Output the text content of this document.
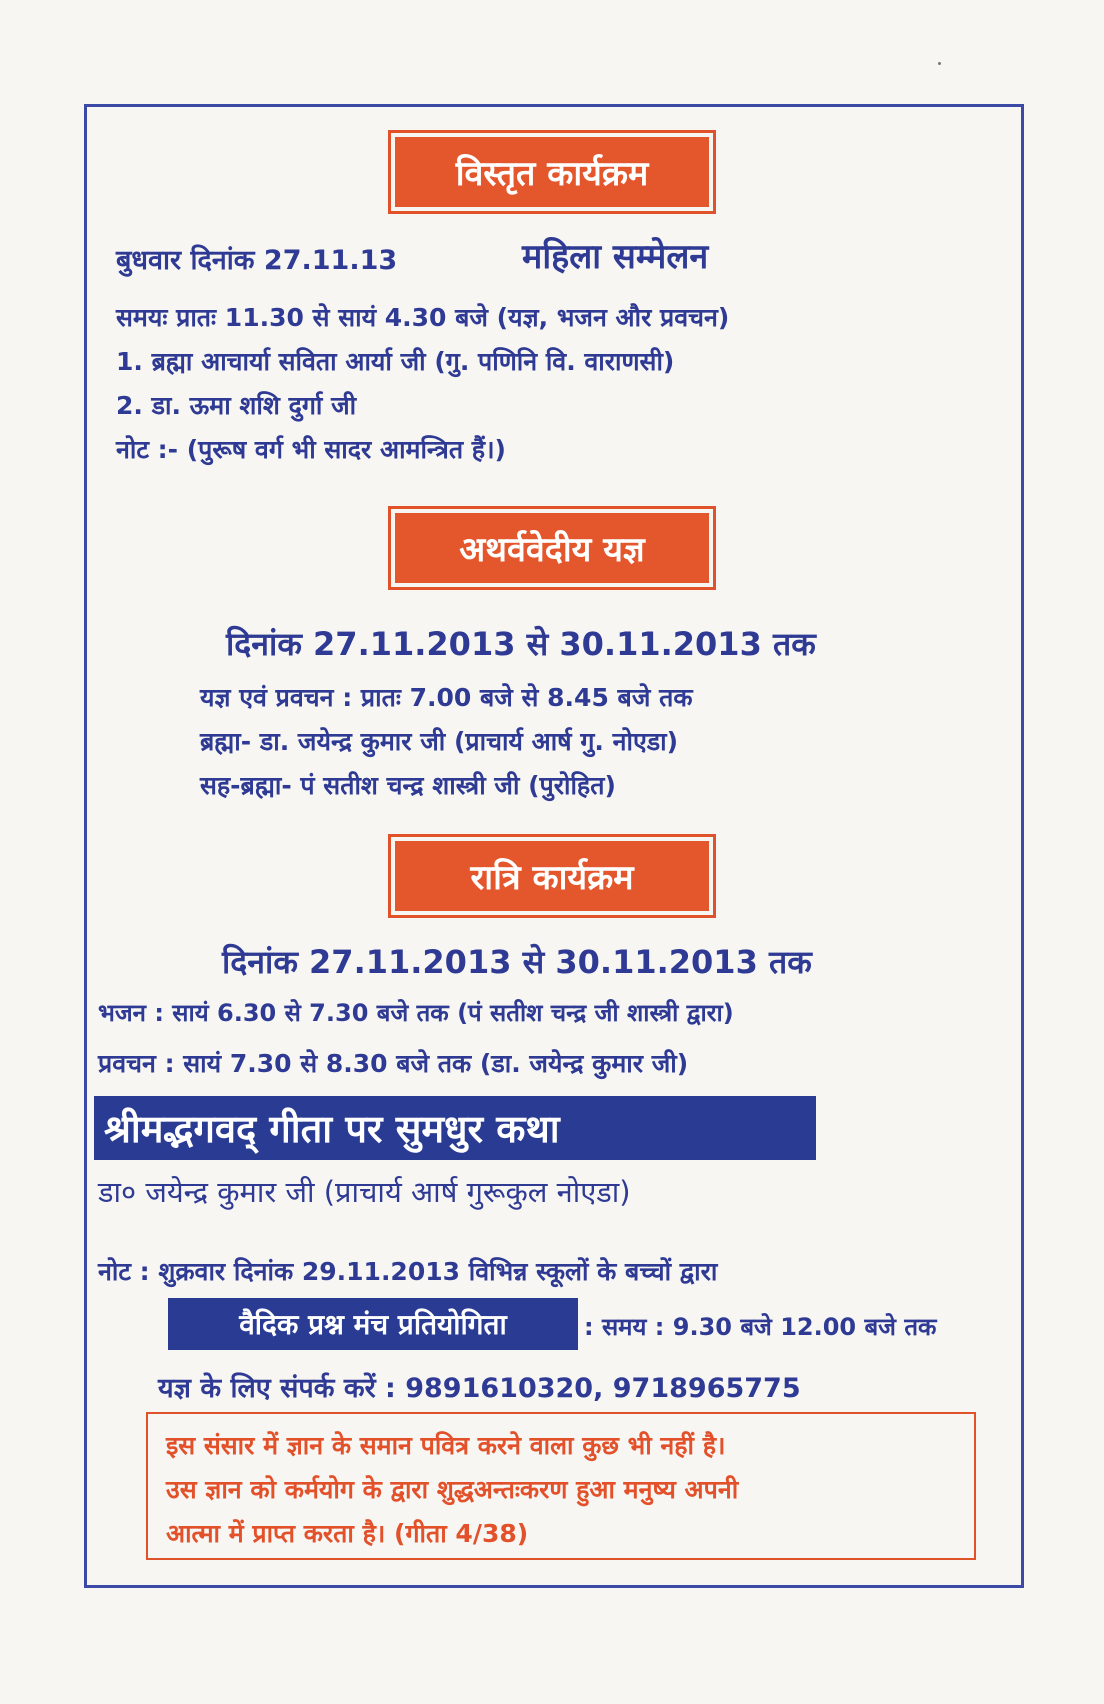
विस्तृत कार्यक्रम
बुधवार दिनांक 27.11.13	महिला सम्मेलन
समयः प्रातः 11.30 से सायं 4.30 बजे (यज्ञ, भजन और प्रवचन)
1. ब्रह्मा आचार्या सविता आर्या जी (गु. पणिनि वि. वाराणसी)
2. डा. ऊमा शशि दुर्गा जी
नोट :- (पुरूष वर्ग भी सादर आमन्त्रित हैं।)
अथर्ववेदीय यज्ञ
दिनांक 27.11.2013 से 30.11.2013 तक
यज्ञ एवं प्रवचन : प्रातः 7.00 बजे से 8.45 बजे तक
ब्रह्मा- डा. जयेन्द्र कुमार जी (प्राचार्य आर्ष गु. नोएडा)
सह-ब्रह्मा- पं सतीश चन्द्र शास्त्री जी (पुरोहित)
रात्रि कार्यक्रम
दिनांक 27.11.2013 से 30.11.2013 तक
भजन : सायं 6.30 से 7.30 बजे तक (पं सतीश चन्द्र जी शास्त्री द्वारा)
प्रवचन : सायं 7.30 से 8.30 बजे तक (डा. जयेन्द्र कुमार जी)
श्रीमद्भगवद् गीता पर सुमधुर कथा
डा० जयेन्द्र कुमार जी (प्राचार्य आर्ष गुरूकुल नोएडा)
नोट : शुक्रवार दिनांक 29.11.2013 विभिन्न स्कूलों के बच्चों द्वारा
वैदिक प्रश्न मंच प्रतियोगिता	: समय : 9.30 बजे 12.00 बजे तक
यज्ञ के लिए संपर्क करें : 9891610320, 9718965775
इस संसार में ज्ञान के समान पवित्र करने वाला कुछ भी नहीं है।
उस ज्ञान को कर्मयोग के द्वारा शुद्धअन्तःकरण हुआ मनुष्य अपनी
आत्मा में प्राप्त करता है। (गीता 4/38)
